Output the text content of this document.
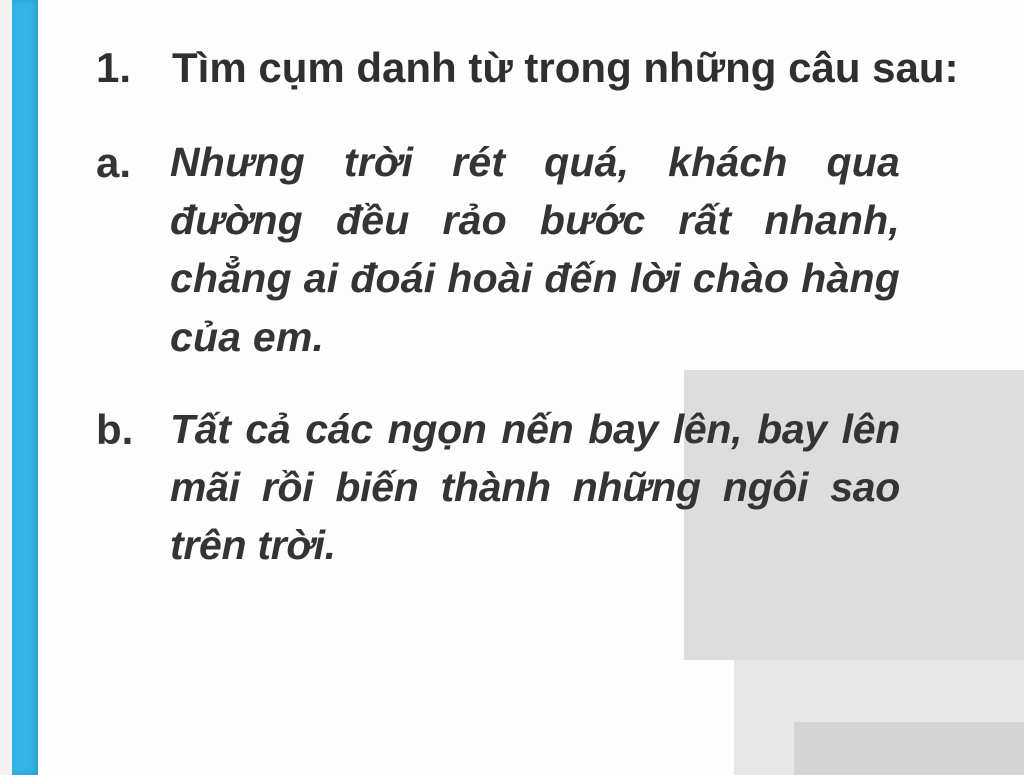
1. Tìm cụm danh từ trong những câu sau:
a. Nhưng trời rét quá, khách qua đường đều rảo bước rất nhanh, chẳng ai đoái hoài đến lời chào hàng của em.
b. Tất cả các ngọn nến bay lên, bay lên mãi rồi biến thành những ngôi sao trên trời.
